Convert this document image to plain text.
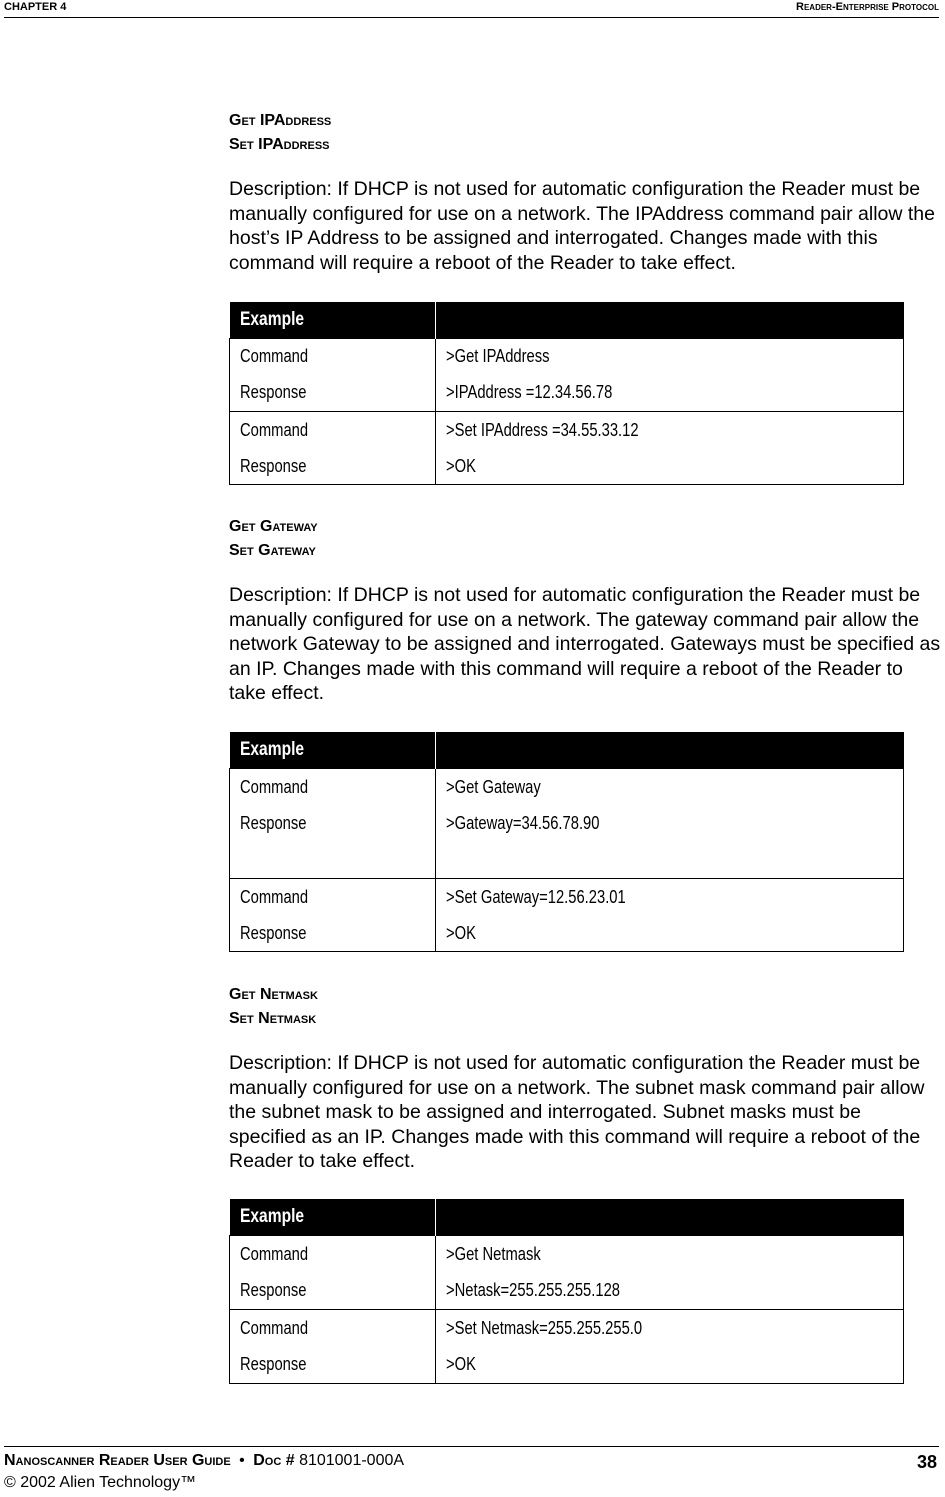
CHAPTER 4	Reader-Enterprise Protocol
Get IPAddress
Set IPAddress
Description: If DHCP is not used for automatic configuration the Reader must be manually configured for use on a network. The IPAddress command pair allow the host’s IP Address to be assigned and interrogated. Changes made with this command will require a reboot of the Reader to take effect.
Example	
Command	>Get IPAddress
Response	>IPAddress =12.34.56.78
Command	>Set IPAddress =34.55.33.12
Response	>OK
Get Gateway
Set Gateway
Description: If DHCP is not used for automatic configuration the Reader must be manually configured for use on a network. The gateway command pair allow the network Gateway to be assigned and interrogated. Gateways must be specified as an IP. Changes made with this command will require a reboot of the Reader to take effect.
Example	
Command	>Get Gateway
Response	>Gateway=34.56.78.90
Command	>Set Gateway=12.56.23.01
Response	>OK
Get Netmask
Set Netmask
Description: If DHCP is not used for automatic configuration the Reader must be manually configured for use on a network. The subnet mask command pair allow the subnet mask to be assigned and interrogated. Subnet masks must be specified as an IP. Changes made with this command will require a reboot of the Reader to take effect.
Example	
Command	>Get Netmask
Response	>Netask=255.255.255.128
Command	>Set Netmask=255.255.255.0
Response	>OK
Nanoscanner Reader User Guide • Doc # 8101001-000A	38
© 2002 Alien Technology™
